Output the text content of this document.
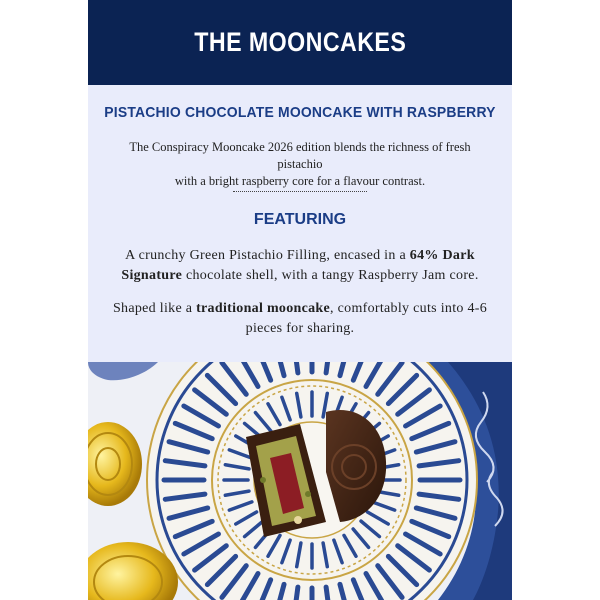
THE MOONCAKES
PISTACHIO CHOCOLATE MOONCAKE WITH RASPBERRY
The Conspiracy Mooncake 2026 edition blends the richness of fresh pistachio
with a bright raspberry core for a flavour contrast.
FEATURING
A crunchy Green Pistachio Filling, encased in a 64% Dark Signature chocolate shell, with a tangy Raspberry Jam core.
Shaped like a traditional mooncake, comfortably cuts into 4-6 pieces for sharing.
